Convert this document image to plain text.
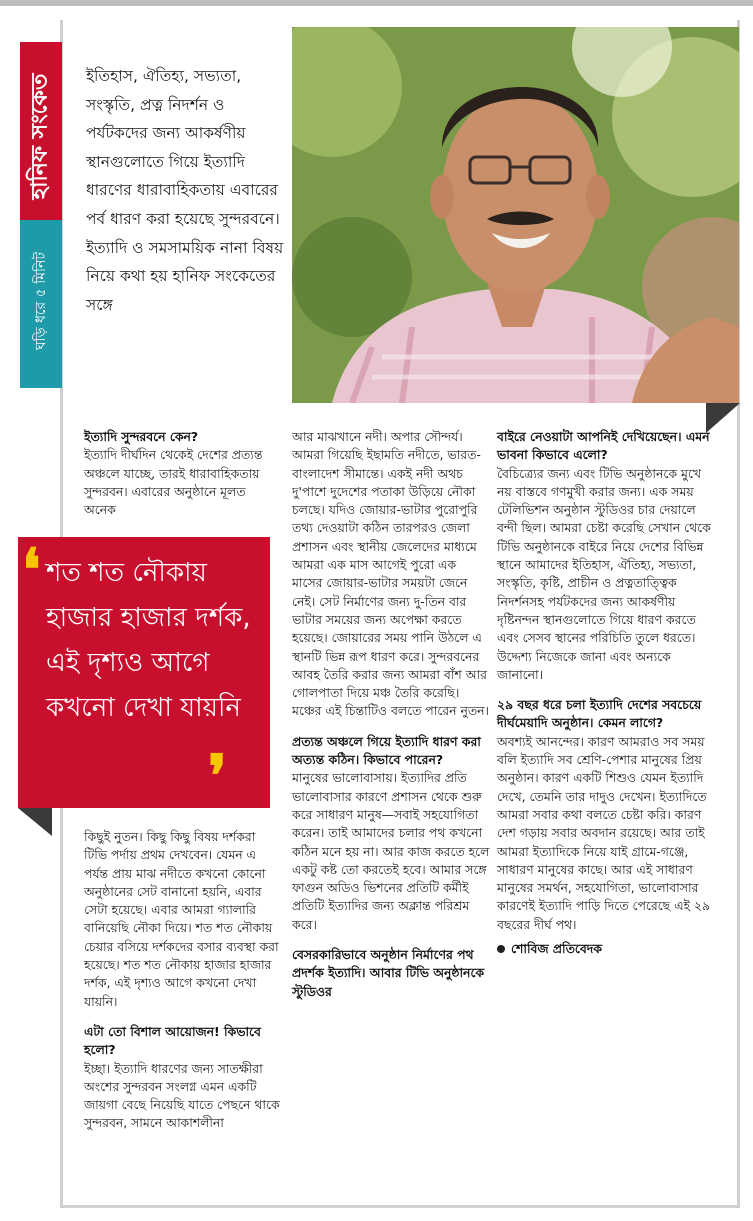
হানিফ সংকেত
ঘড়ি ধরে ৫ মিনিট

ইতিহাস, ঐতিহ্য, সভ্যতা, সংস্কৃতি, প্রত্ন নিদর্শন ও পর্যটকদের জন্য আকর্ষণীয় স্থানগুলোতে গিয়ে ইত্যাদি ধারণের ধারাবাহিকতায় এবারের পর্ব ধারণ করা হয়েছে সুন্দরবনে। ইত্যাদি ও সমসাময়িক নানা বিষয় নিয়ে কথা হয় হানিফ সংকেতের সঙ্গে

ইত্যাদি সুন্দরবনে কেন?

ইত্যাদি দীর্ঘদিন থেকেই দেশের প্রত্যন্ত অঞ্চলে যাচ্ছে, তারই ধারাবাহিকতায় সুন্দরবন। এবারের অনুষ্ঠানে মূলত অনেক

❛ শত শত নৌকায় হাজার হাজার দর্শক, এই দৃশ্যও আগে কখনো দেখা যায়নি

❜

কিছুই নুতন। কিছু কিছু বিষয় দর্শকরা টিভি পর্দায় প্রথম দেখবেন। যেমন এ পর্যন্ত প্রায় মাঝ নদীতে কখনো কোনো অনুষ্ঠানের সেট বানানো হয়নি, এবার সেটা হয়েছে। এবার আমরা গ্যালারি বানিয়েছি নৌকা দিয়ে। শত শত নৌকায় চেয়ার বসিয়ে দর্শকদের বসার ব্যবস্থা করা হয়েছে। শত শত নৌকায় হাজার হাজার দর্শক, এই দৃশ্যও আগে কখনো দেখা যায়নি।

এটা তো বিশাল আয়োজন! কিভাবে হলো?

ইচ্ছা। ইত্যাদি ধারণের জন্য সাতক্ষীরা অংশের সুন্দরবন সংলগ্ন এমন একটি জায়গা বেছে নিয়েছি যাতে পেছনে থাকে সুন্দরবন, সামনে আকাশলীনা

আর মাঝখানে নদী। অপার সৌন্দর্য। আমরা গিয়েছি ইছামতি নদীতে, ভারত-বাংলাদেশ সীমান্তে। একই নদী অথচ দু'পাশে দুদেশের পতাকা উড়িয়ে নৌকা চলছে। যদিও জোয়ার-ভাটার পুরোপুরি তথ্য দেওয়াটা কঠিন তারপরও জেলা প্রশাসন এবং স্থানীয় জেলেদের মাধ্যমে আমরা এক মাস আগেই পুরো এক মাসের জোয়ার-ভাটার সময়টা জেনে নেই। সেট নির্মাণের জন্য দু-তিন বার ভাটার সময়ের জন্য অপেক্ষা করতে হয়েছে। জোয়ারের সময় পানি উঠলে এ স্থানটি ভিন্ন রূপ ধারণ করে। সুন্দরবনের আবহ তৈরি করার জন্য আমরা বাঁশ আর গোলপাতা দিয়ে মঞ্চ তৈরি করেছি। মঞ্চের এই চিন্তাটিও বলতে পারেন নুতন।

প্রত্যন্ত অঞ্চলে গিয়ে ইত্যাদি ধারণ করা অত্যন্ত কঠিন। কিভাবে পারেন?

মানুষের ভালোবাসায়। ইত্যাদির প্রতি ভালোবাসার কারণে প্রশাসন থেকে শুরু করে সাধারণ মানুষ—সবাই সহযোগিতা করেন। তাই আমাদের চলার পথ কখনো কঠিন মনে হয় না। আর কাজ করতে হলে একটু কষ্ট তো করতেই হবে। আমার সঙ্গে ফাগুন অডিও ভিশনের প্রতিটি কর্মীই প্রতিটি ইত্যাদির জন্য অক্লান্ত পরিশ্রম করে।

বেসরকারিভাবে অনুষ্ঠান নির্মাণের পথ প্রদর্শক ইত্যাদি। আবার টিভি অনুষ্ঠানকে স্টুডিওর

বাইরে নেওয়াটা আপনিই দেখিয়েছেন। এমন ভাবনা কিভাবে এলো?

বৈচিত্র্যের জন্য এবং টিভি অনুষ্ঠানকে মুখে নয় বাস্তবে গণমুখী করার জন্য। এক সময় টেলিভিশন অনুষ্ঠান স্টুডিওর চার দেয়ালে বন্দী ছিল। আমরা চেষ্টা করেছি সেখান থেকে টিভি অনুষ্ঠানকে বাইরে নিয়ে দেশের বিভিন্ন স্থানে আমাদের ইতিহাস, ঐতিহ্য, সভ্যতা, সংস্কৃতি, কৃষ্টি, প্রাচীন ও প্রত্নতাত্ত্বিক নিদর্শনসহ পর্যটকদের জন্য আকর্ষণীয় দৃষ্টিনন্দন স্থানগুলোতে গিয়ে ধারণ করতে এবং সেসব স্থানের পরিচিতি তুলে ধরতে। উদ্দেশ্য নিজেকে জানা এবং অন্যকে জানানো।

২৯ বছর ধরে চলা ইত্যাদি দেশের সবচেয়ে দীর্ঘমেয়াদি অনুষ্ঠান। কেমন লাগে?

অবশ্যই আনন্দের। কারণ আমরাও সব সময় বলি ইত্যাদি সব শ্রেণি-পেশার মানুষের প্রিয় অনুষ্ঠান। কারণ একটি শিশুও যেমন ইত্যাদি দেখে, তেমনি তার দাদুও দেখেন। ইত্যাদিতে আমরা সবার কথা বলতে চেষ্টা করি। কারণ দেশ গড়ায় সবার অবদান রয়েছে। আর তাই আমরা ইত্যাদিকে নিয়ে যাই গ্রামে-গঞ্জে, সাধারণ মানুষের কাছে। আর এই সাধারণ মানুষের সমর্থন, সহযোগিতা, ভালোবাসার কারণেই ইত্যাদি পাড়ি দিতে পেরেছে এই ২৯ বছরের দীর্ঘ পথ।

শোবিজ প্রতিবেদক
